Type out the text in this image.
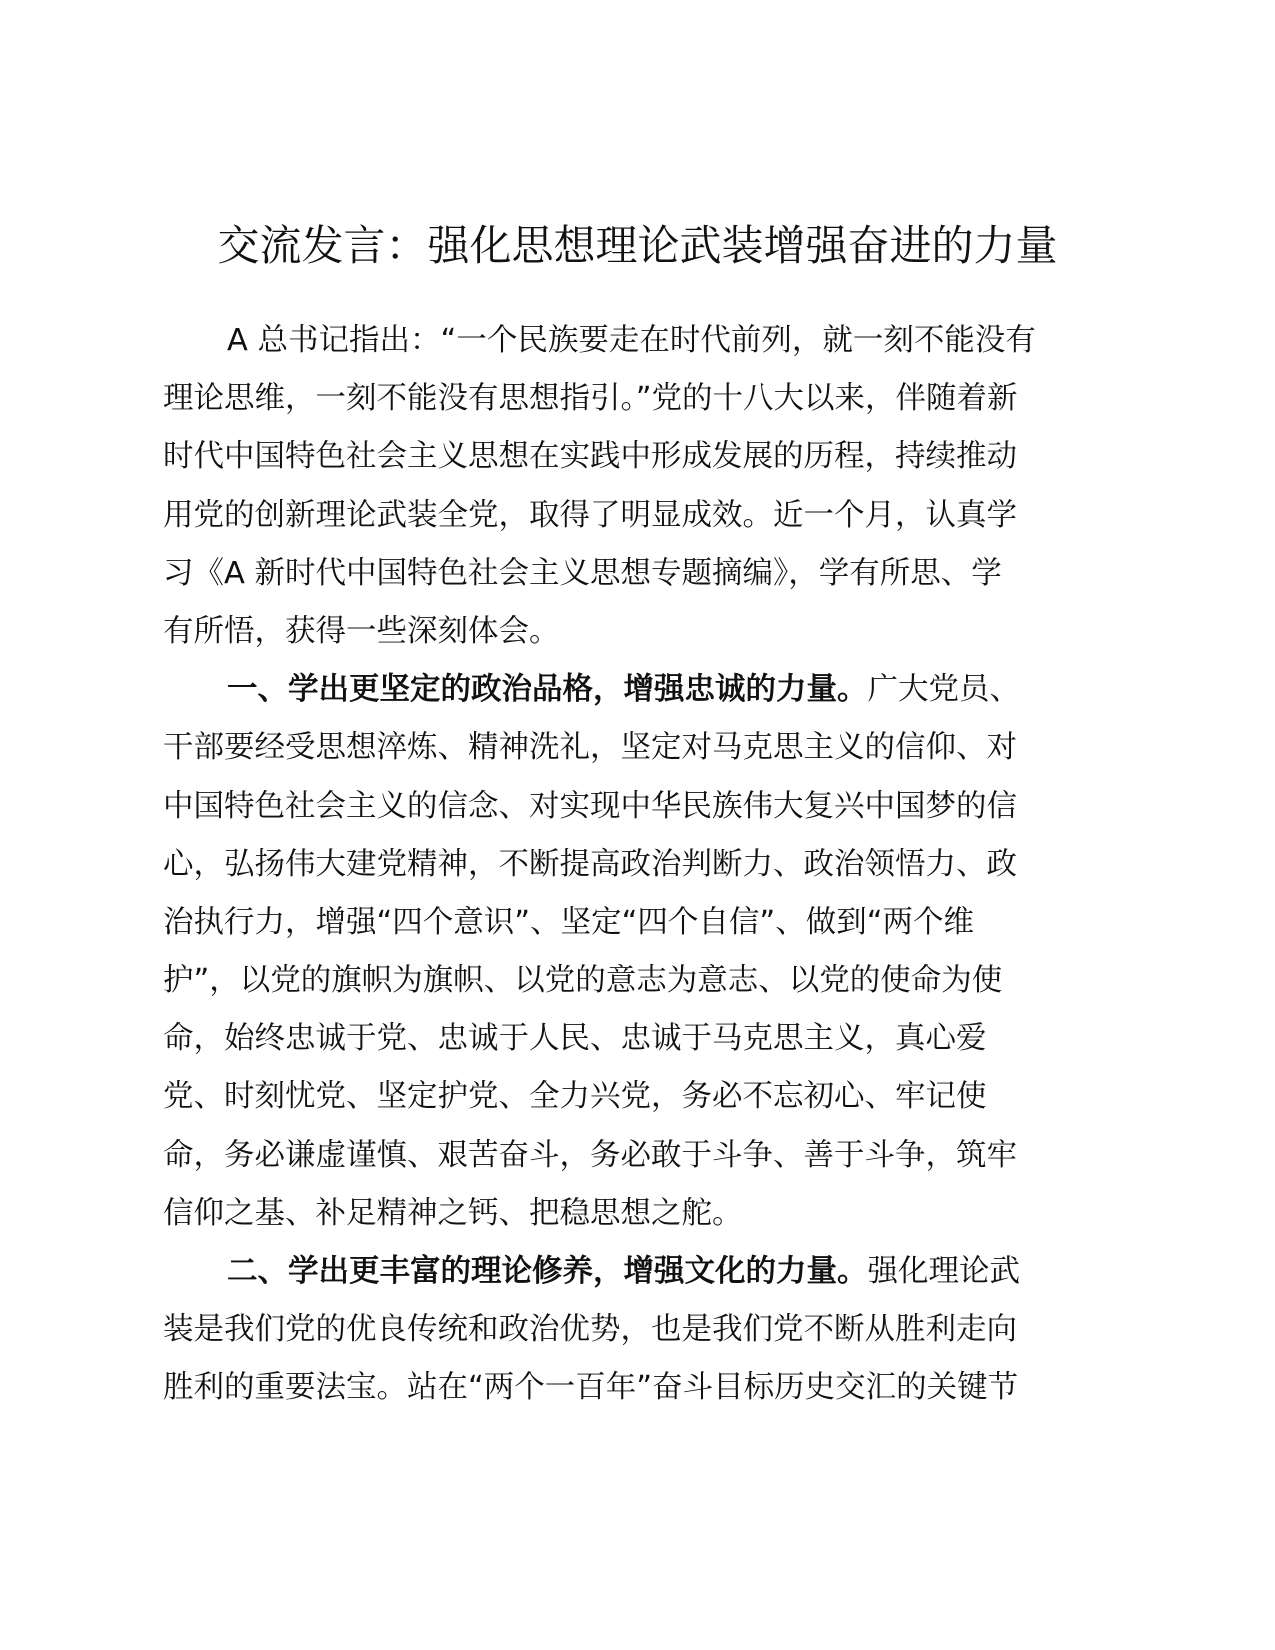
交流发言：强化思想理论武装增强奋进的力量

A 总书记指出：“一个民族要走在时代前列，就一刻不能没有
理论思维，一刻不能没有思想指引。”党的十八大以来，伴随着新
时代中国特色社会主义思想在实践中形成发展的历程，持续推动
用党的创新理论武装全党，取得了明显成效。近一个月，认真学
习《A 新时代中国特色社会主义思想专题摘编》，学有所思、学
有所悟，获得一些深刻体会。

一、学出更坚定的政治品格，增强忠诚的力量。广大党员、
干部要经受思想淬炼、精神洗礼，坚定对马克思主义的信仰、对
中国特色社会主义的信念、对实现中华民族伟大复兴中国梦的信
心，弘扬伟大建党精神，不断提高政治判断力、政治领悟力、政
治执行力，增强“四个意识”、坚定“四个自信”、做到“两个维
护”，以党的旗帜为旗帜、以党的意志为意志、以党的使命为使
命，始终忠诚于党、忠诚于人民、忠诚于马克思主义，真心爱
党、时刻忧党、坚定护党、全力兴党，务必不忘初心、牢记使
命，务必谦虚谨慎、艰苦奋斗，务必敢于斗争、善于斗争，筑牢
信仰之基、补足精神之钙、把稳思想之舵。

二、学出更丰富的理论修养，增强文化的力量。强化理论武
装是我们党的优良传统和政治优势，也是我们党不断从胜利走向
胜利的重要法宝。站在“两个一百年”奋斗目标历史交汇的关键节
